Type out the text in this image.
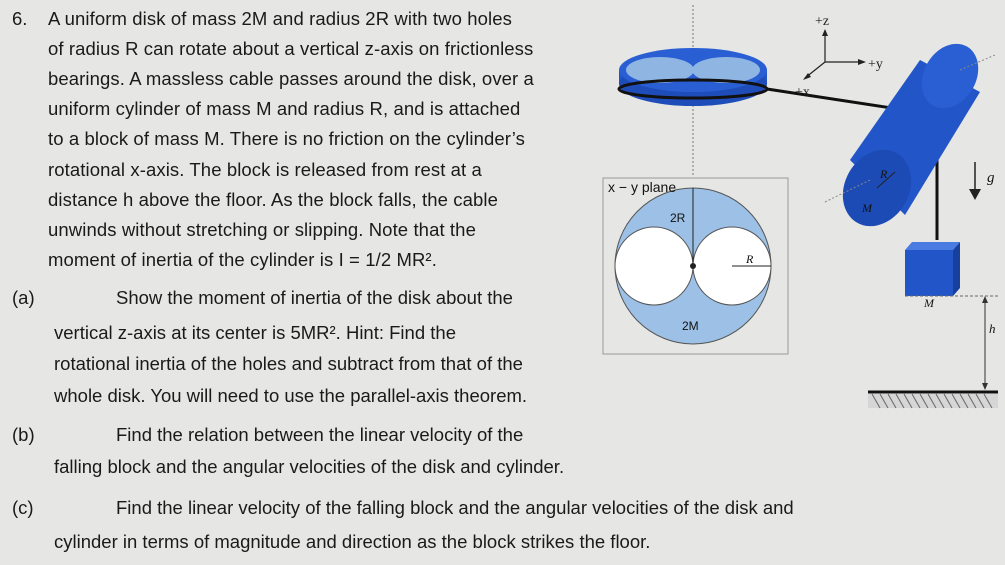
6. A uniform disk of mass 2M and radius 2R with two holes
of radius R can rotate about a vertical z-axis on frictionless
bearings. A massless cable passes around the disk, over a
uniform cylinder of mass M and radius R, and is attached
to a block of mass M. There is no friction on the cylinder’s
rotational x-axis. The block is released from rest at a
distance h above the floor. As the block falls, the cable
unwinds without stretching or slipping. Note that the
moment of inertia of the cylinder is I = 1/2 MR².
(a)	Show the moment of inertia of the disk about the
vertical z-axis at its center is 5MR². Hint: Find the
rotational inertia of the holes and subtract from that of the
whole disk. You will need to use the parallel-axis theorem.
(b)	Find the relation between the linear velocity of the
falling block and the angular velocities of the disk and cylinder.
(c)	Find the linear velocity of the falling block and the angular velocities of the disk and
cylinder in terms of magnitude and direction as the block strikes the floor.
R
M
M
h
g
+z
+y
+x
x − y plane
2R
R
2M
